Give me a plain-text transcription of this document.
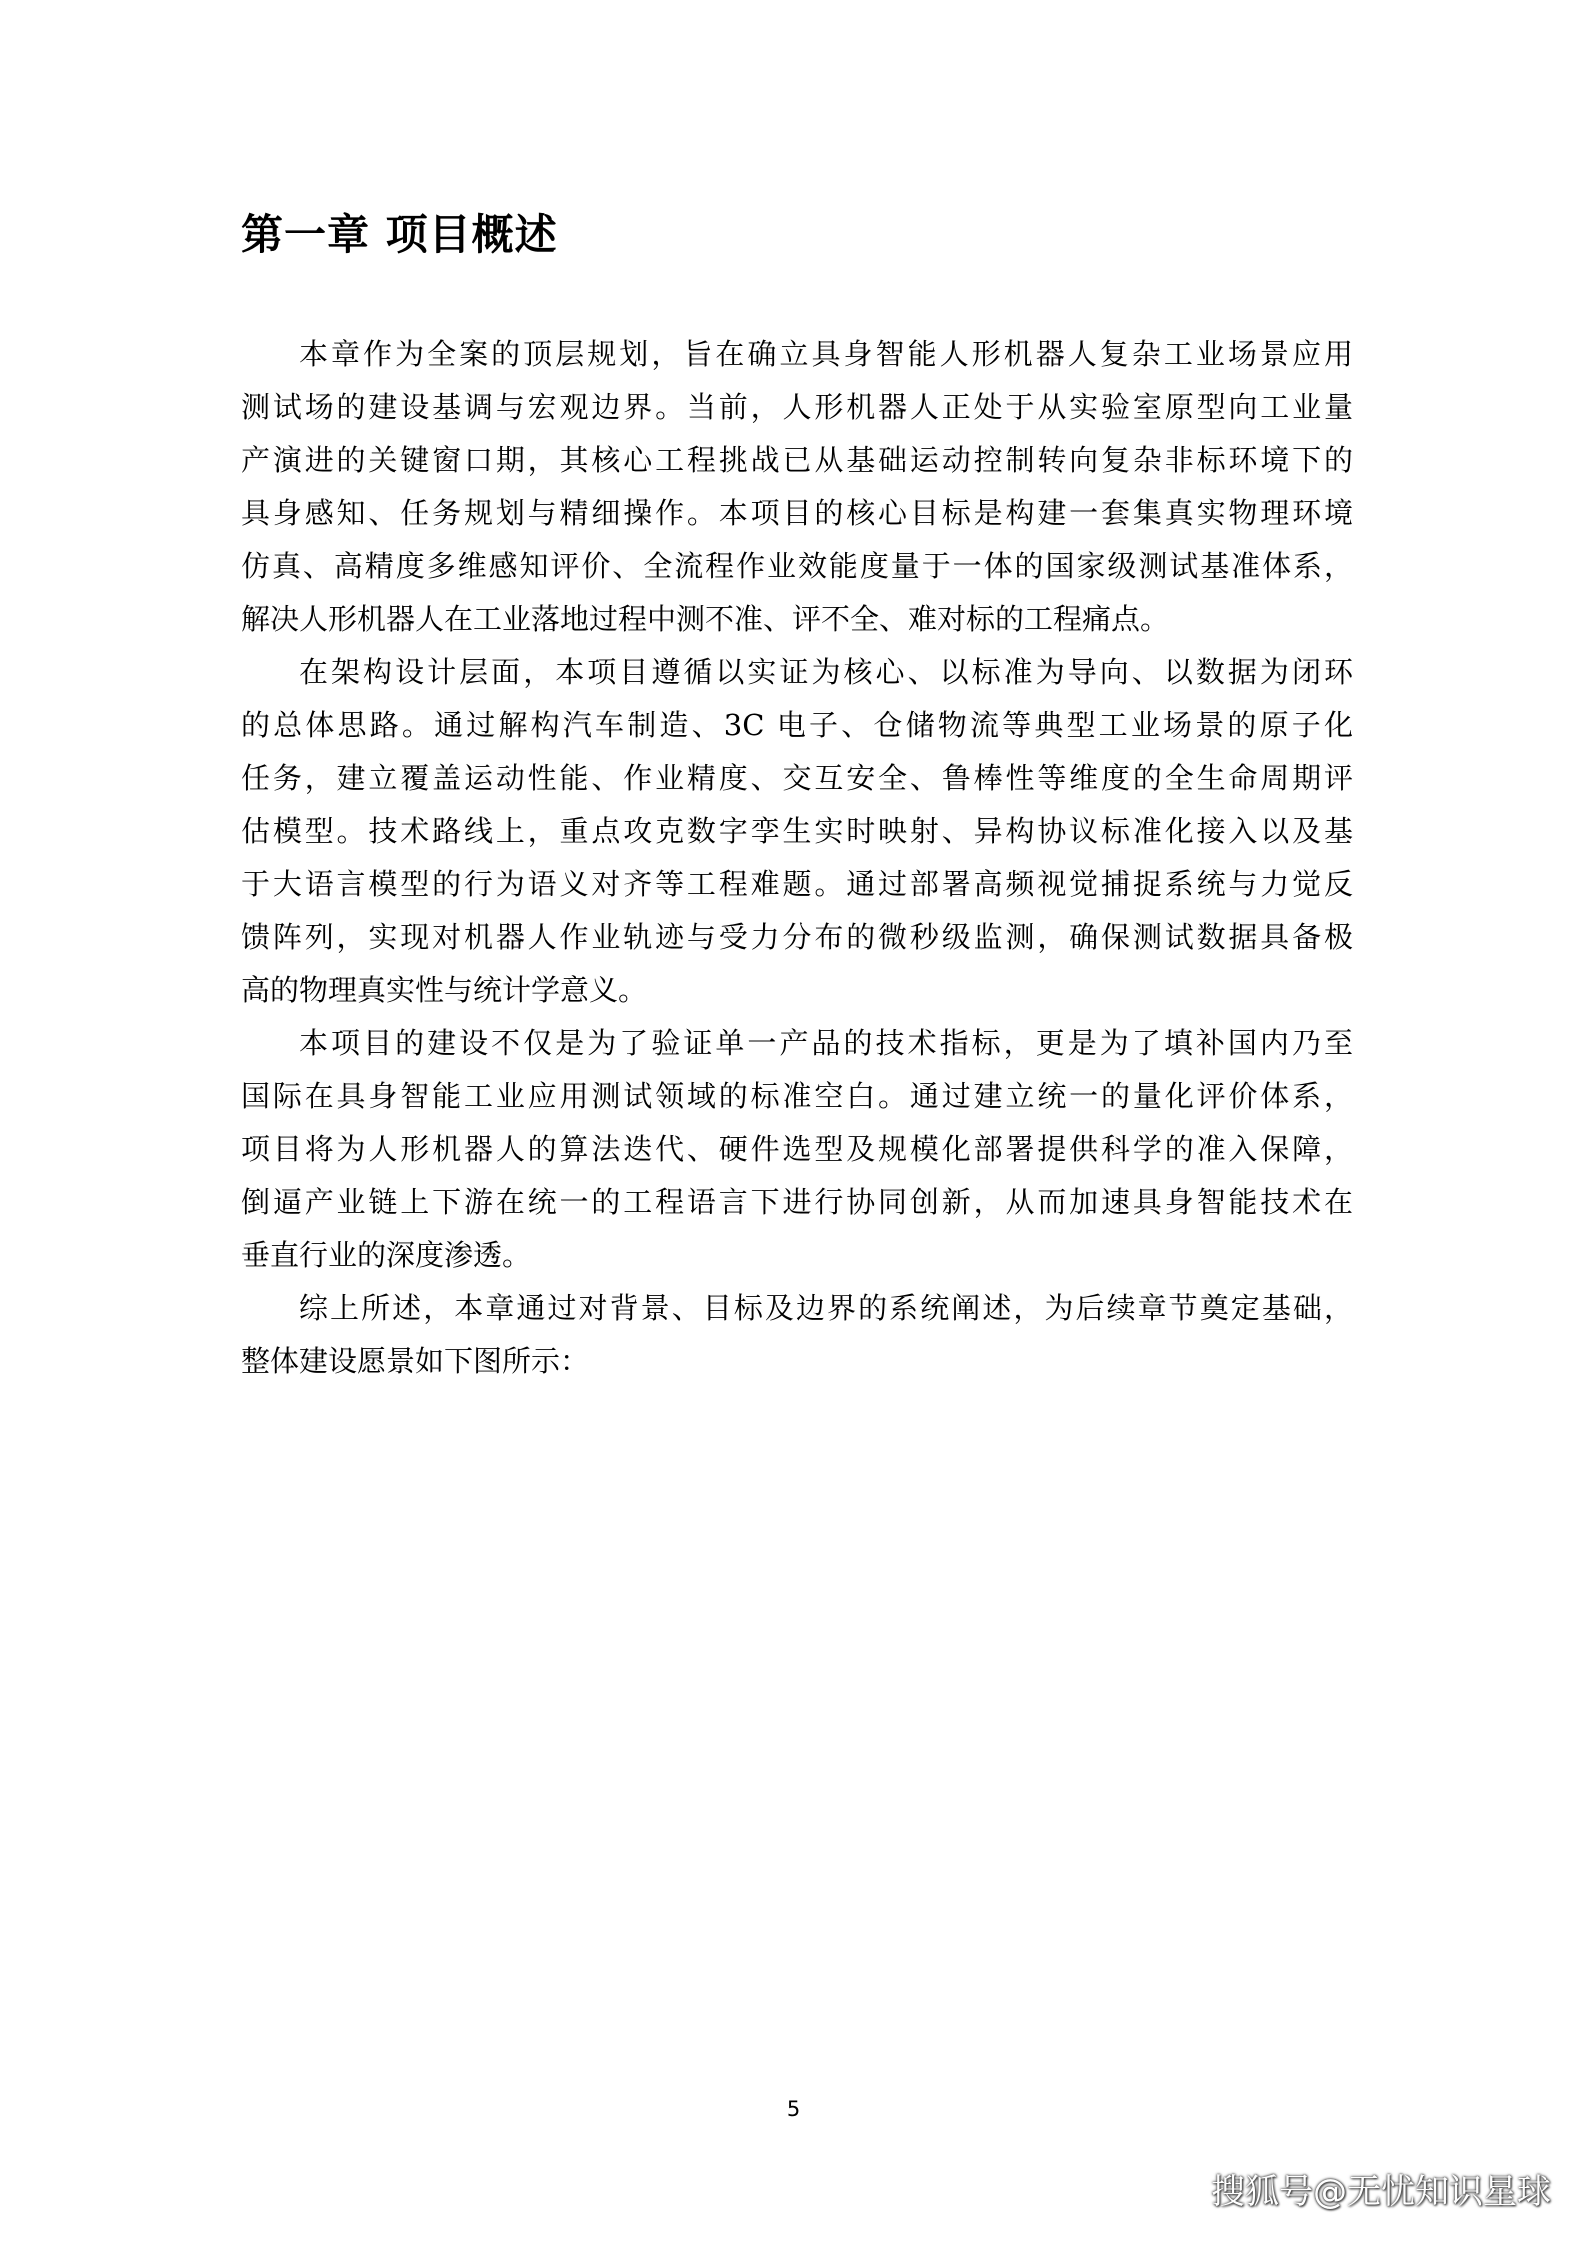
第一章 项目概述

本章作为全案的顶层规划，旨在确立具身智能人形机器人复杂工业场景应用
测试场的建设基调与宏观边界。当前，人形机器人正处于从实验室原型向工业量
产演进的关键窗口期，其核心工程挑战已从基础运动控制转向复杂非标环境下的
具身感知、任务规划与精细操作。本项目的核心目标是构建一套集真实物理环境
仿真、高精度多维感知评价、全流程作业效能度量于一体的国家级测试基准体系，
解决人形机器人在工业落地过程中测不准、评不全、难对标的工程痛点。

在架构设计层面，本项目遵循以实证为核心、以标准为导向、以数据为闭环
的总体思路。通过解构汽车制造、3C 电子、仓储物流等典型工业场景的原子化
任务，建立覆盖运动性能、作业精度、交互安全、鲁棒性等维度的全生命周期评
估模型。技术路线上，重点攻克数字孪生实时映射、异构协议标准化接入以及基
于大语言模型的行为语义对齐等工程难题。通过部署高频视觉捕捉系统与力觉反
馈阵列，实现对机器人作业轨迹与受力分布的微秒级监测，确保测试数据具备极
高的物理真实性与统计学意义。

本项目的建设不仅是为了验证单一产品的技术指标，更是为了填补国内乃至
国际在具身智能工业应用测试领域的标准空白。通过建立统一的量化评价体系，
项目将为人形机器人的算法迭代、硬件选型及规模化部署提供科学的准入保障，
倒逼产业链上下游在统一的工程语言下进行协同创新，从而加速具身智能技术在
垂直行业的深度渗透。

综上所述，本章通过对背景、目标及边界的系统阐述，为后续章节奠定基础，
整体建设愿景如下图所示：

5
搜狐号@无忧知识星球
